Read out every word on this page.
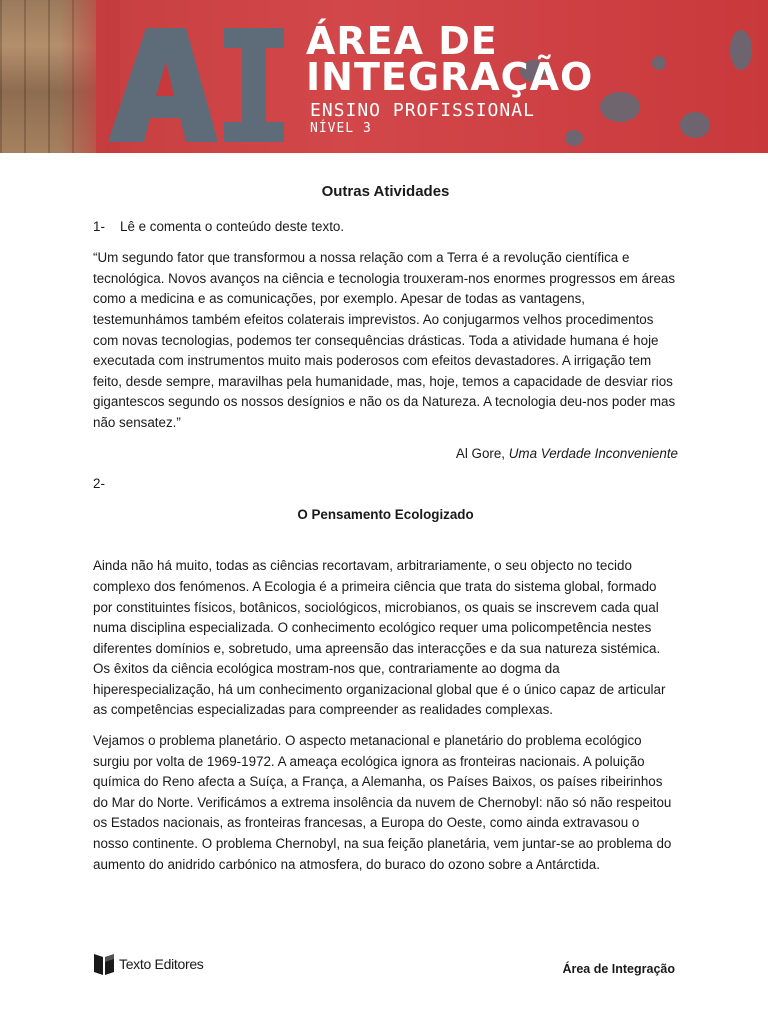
ÁREA DE
INTEGRAÇÃO
ENSINO PROFISSIONAL
NÍVEL 3
Outras Atividades
1- Lê e comenta o conteúdo deste texto.

“Um segundo fator que transformou a nossa relação com a Terra é a revolução científica e tecnológica. Novos avanços na ciência e tecnologia trouxeram-nos enormes progressos em áreas como a medicina e as comunicações, por exemplo. Apesar de todas as vantagens, testemunhámos também efeitos colaterais imprevistos. Ao conjugarmos velhos procedimentos com novas tecnologias, podemos ter consequências drásticas. Toda a atividade humana é hoje executada com instrumentos muito mais poderosos com efeitos devastadores. A irrigação tem feito, desde sempre, maravilhas pela humanidade, mas, hoje, temos a capacidade de desviar rios gigantescos segundo os nossos desígnios e não os da Natureza. A tecnologia deu-nos poder mas não sensatez.”

Al Gore, Uma Verdade Inconveniente

2-
O Pensamento Ecologizado

Ainda não há muito, todas as ciências recortavam, arbitrariamente, o seu objecto no tecido complexo dos fenómenos. A Ecologia é a primeira ciência que trata do sistema global, formado por constituintes físicos, botânicos, sociológicos, microbianos, os quais se inscrevem cada qual numa disciplina especializada. O conhecimento ecológico requer uma policompetência nestes diferentes domínios e, sobretudo, uma apreensão das interacções e da sua natureza sistémica. Os êxitos da ciência ecológica mostram-nos que, contrariamente ao dogma da hiperespecialização, há um conhecimento organizacional global que é o único capaz de articular as competências especializadas para compreender as realidades complexas.

Vejamos o problema planetário. O aspecto metanacional e planetário do problema ecológico surgiu por volta de 1969-1972. A ameaça ecológica ignora as fronteiras nacionais. A poluição química do Reno afecta a Suíça, a França, a Alemanha, os Países Baixos, os países ribeirinhos do Mar do Norte. Verificámos a extrema insolência da nuvem de Chernobyl: não só não respeitou os Estados nacionais, as fronteiras francesas, a Europa do Oeste, como ainda extravasou o nosso continente. O problema Chernobyl, na sua feição planetária, vem juntar-se ao problema do aumento do anidrido carbónico na atmosfera, do buraco do ozono sobre a Antárctida.

Texto Editores	Área de Integração
